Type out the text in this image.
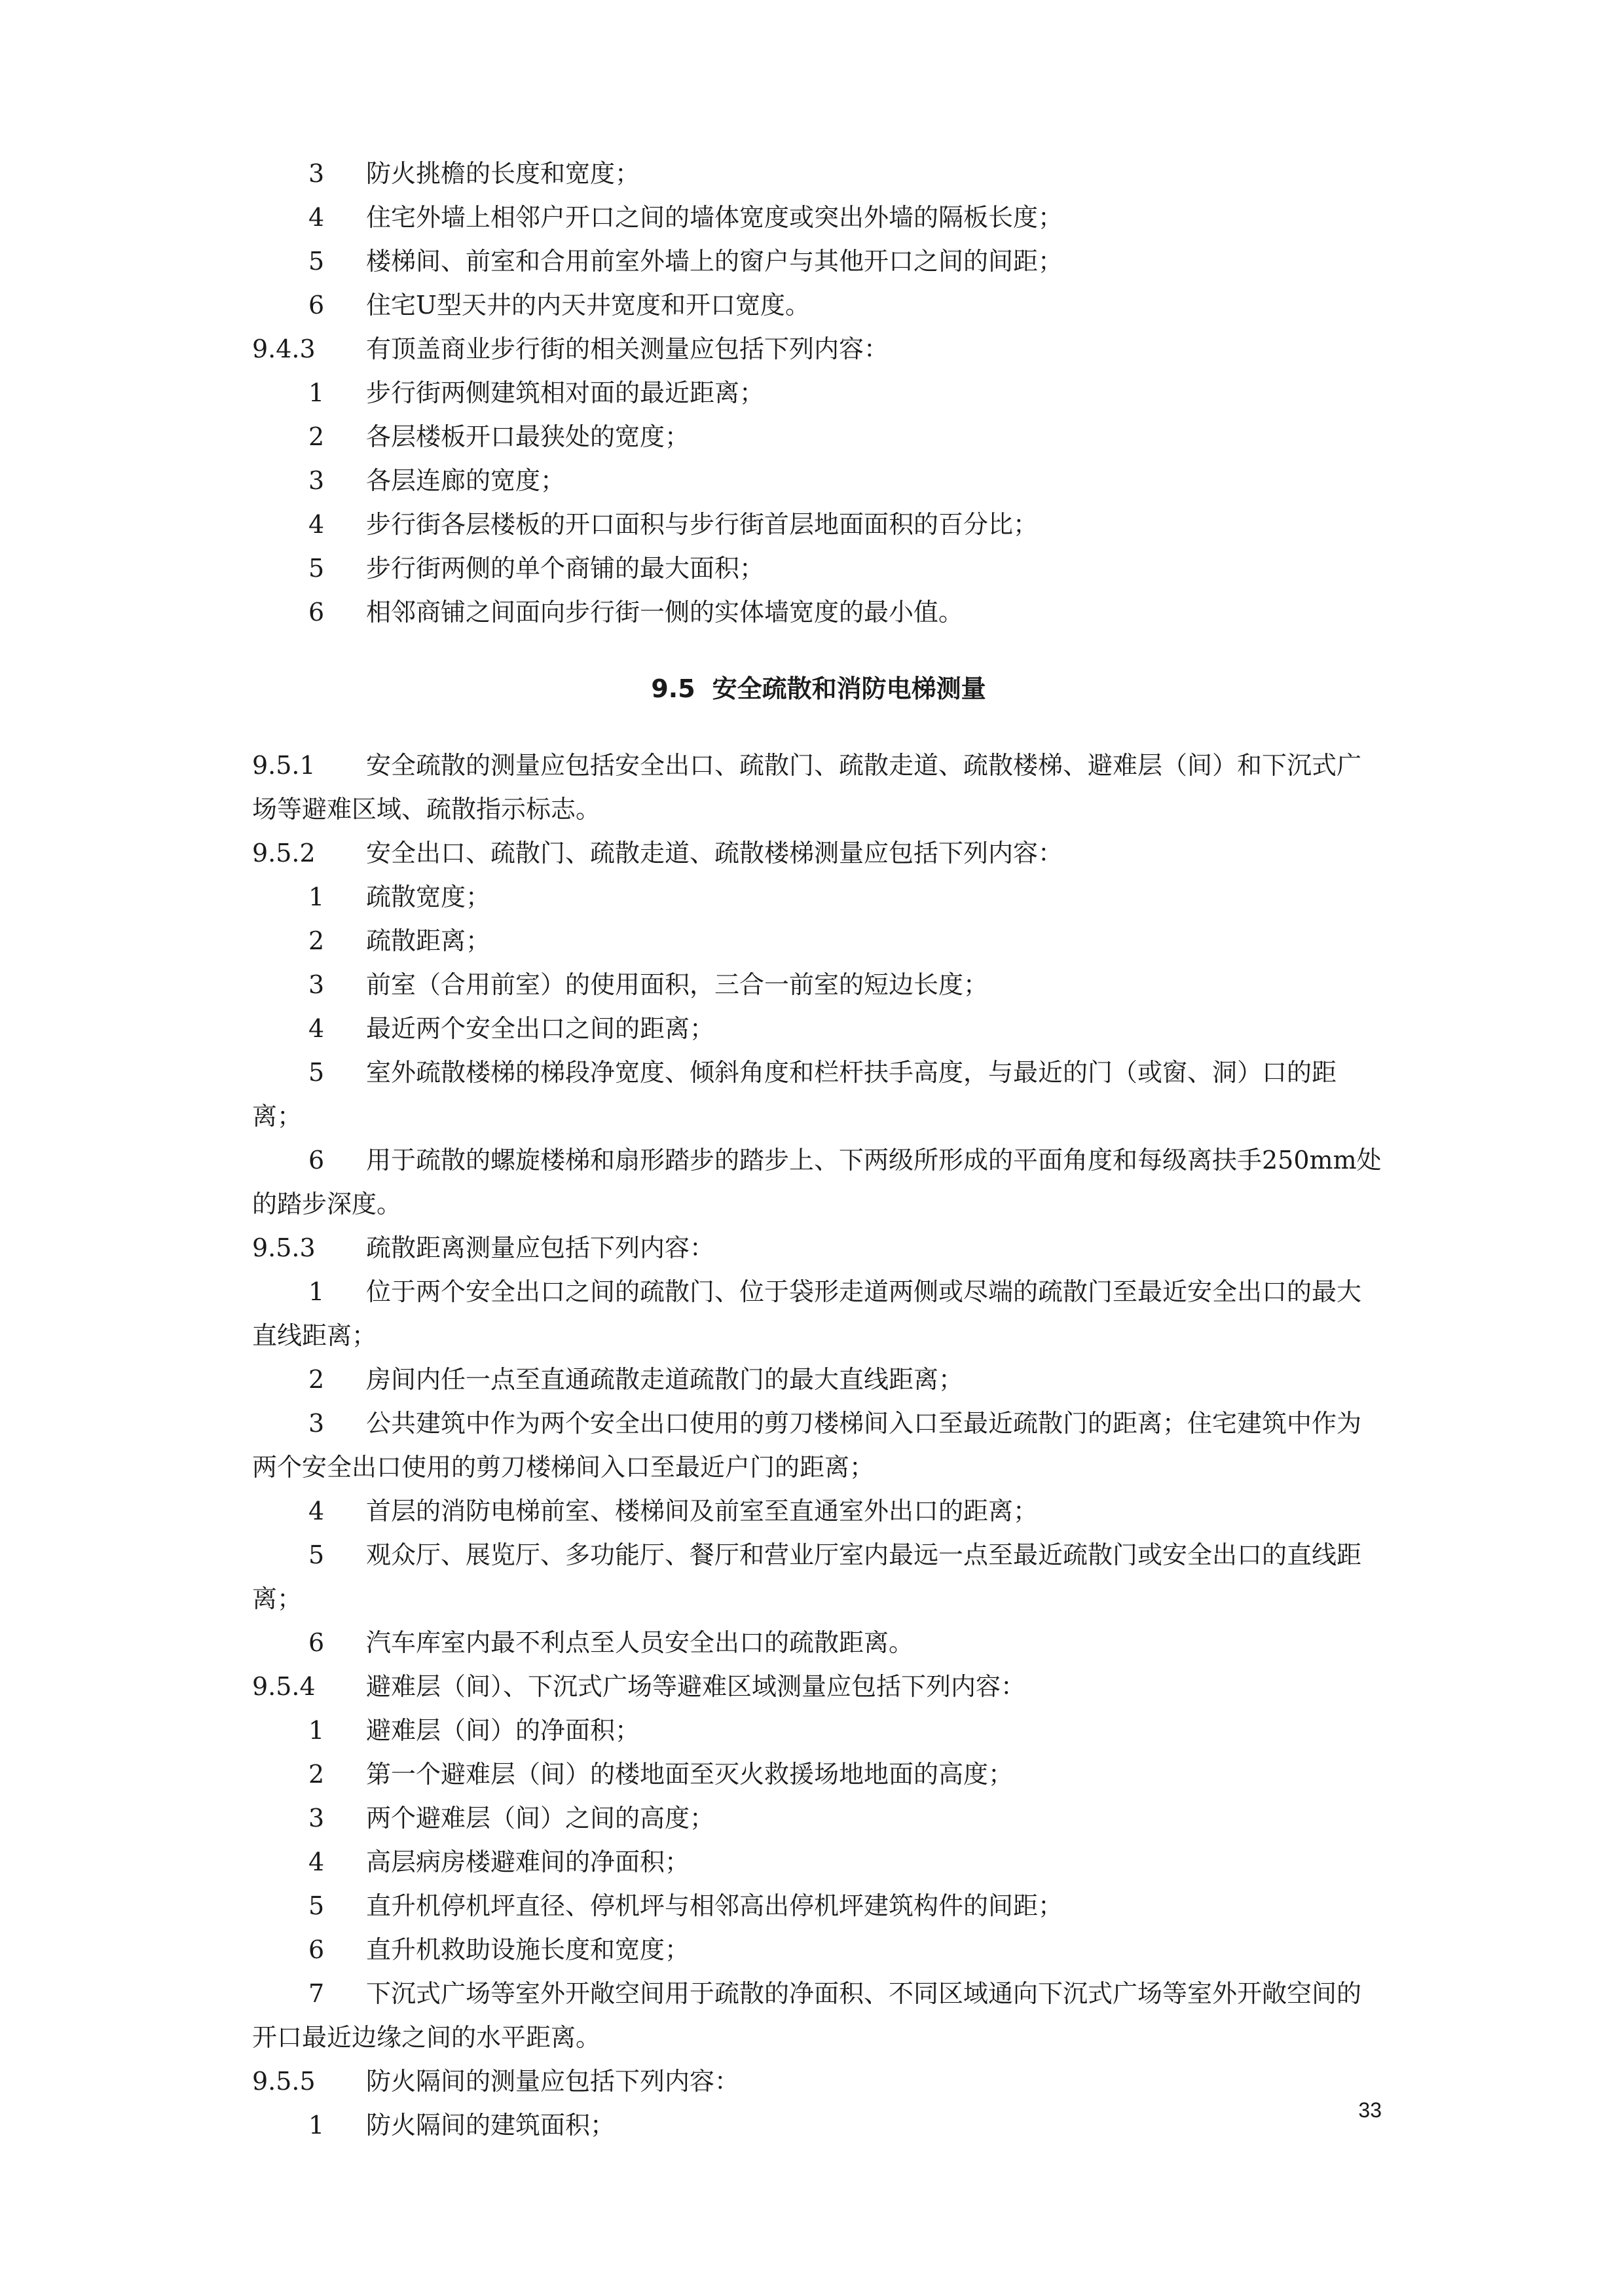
3 防火挑檐的长度和宽度；
4 住宅外墙上相邻户开口之间的墙体宽度或突出外墙的隔板长度；
5 楼梯间、前室和合用前室外墙上的窗户与其他开口之间的间距；
6 住宅U型天井的内天井宽度和开口宽度。
9.4.3 有顶盖商业步行街的相关测量应包括下列内容：
1 步行街两侧建筑相对面的最近距离；
2 各层楼板开口最狭处的宽度；
3 各层连廊的宽度；
4 步行街各层楼板的开口面积与步行街首层地面面积的百分比；
5 步行街两侧的单个商铺的最大面积；
6 相邻商铺之间面向步行街一侧的实体墙宽度的最小值。
9.5 安全疏散和消防电梯测量
9.5.1 安全疏散的测量应包括安全出口、疏散门、疏散走道、疏散楼梯、避难层（间）和下沉式广场等避难区域、疏散指示标志。
9.5.2 安全出口、疏散门、疏散走道、疏散楼梯测量应包括下列内容：
1 疏散宽度；
2 疏散距离；
3 前室（合用前室）的使用面积，三合一前室的短边长度；
4 最近两个安全出口之间的距离；
5 室外疏散楼梯的梯段净宽度、倾斜角度和栏杆扶手高度，与最近的门（或窗、洞）口的距离；
6 用于疏散的螺旋楼梯和扇形踏步的踏步上、下两级所形成的平面角度和每级离扶手250mm处的踏步深度。
9.5.3 疏散距离测量应包括下列内容：
1 位于两个安全出口之间的疏散门、位于袋形走道两侧或尽端的疏散门至最近安全出口的最大直线距离；
2 房间内任一点至直通疏散走道疏散门的最大直线距离；
3 公共建筑中作为两个安全出口使用的剪刀楼梯间入口至最近疏散门的距离；住宅建筑中作为两个安全出口使用的剪刀楼梯间入口至最近户门的距离；
4 首层的消防电梯前室、楼梯间及前室至直通室外出口的距离；
5 观众厅、展览厅、多功能厅、餐厅和营业厅室内最远一点至最近疏散门或安全出口的直线距离；
6 汽车库室内最不利点至人员安全出口的疏散距离。
9.5.4 避难层（间）、下沉式广场等避难区域测量应包括下列内容：
1 避难层（间）的净面积；
2 第一个避难层（间）的楼地面至灭火救援场地地面的高度；
3 两个避难层（间）之间的高度；
4 高层病房楼避难间的净面积；
5 直升机停机坪直径、停机坪与相邻高出停机坪建筑构件的间距；
6 直升机救助设施长度和宽度；
7 下沉式广场等室外开敞空间用于疏散的净面积、不同区域通向下沉式广场等室外开敞空间的开口最近边缘之间的水平距离。
9.5.5 防火隔间的测量应包括下列内容：
1 防火隔间的建筑面积；
33
